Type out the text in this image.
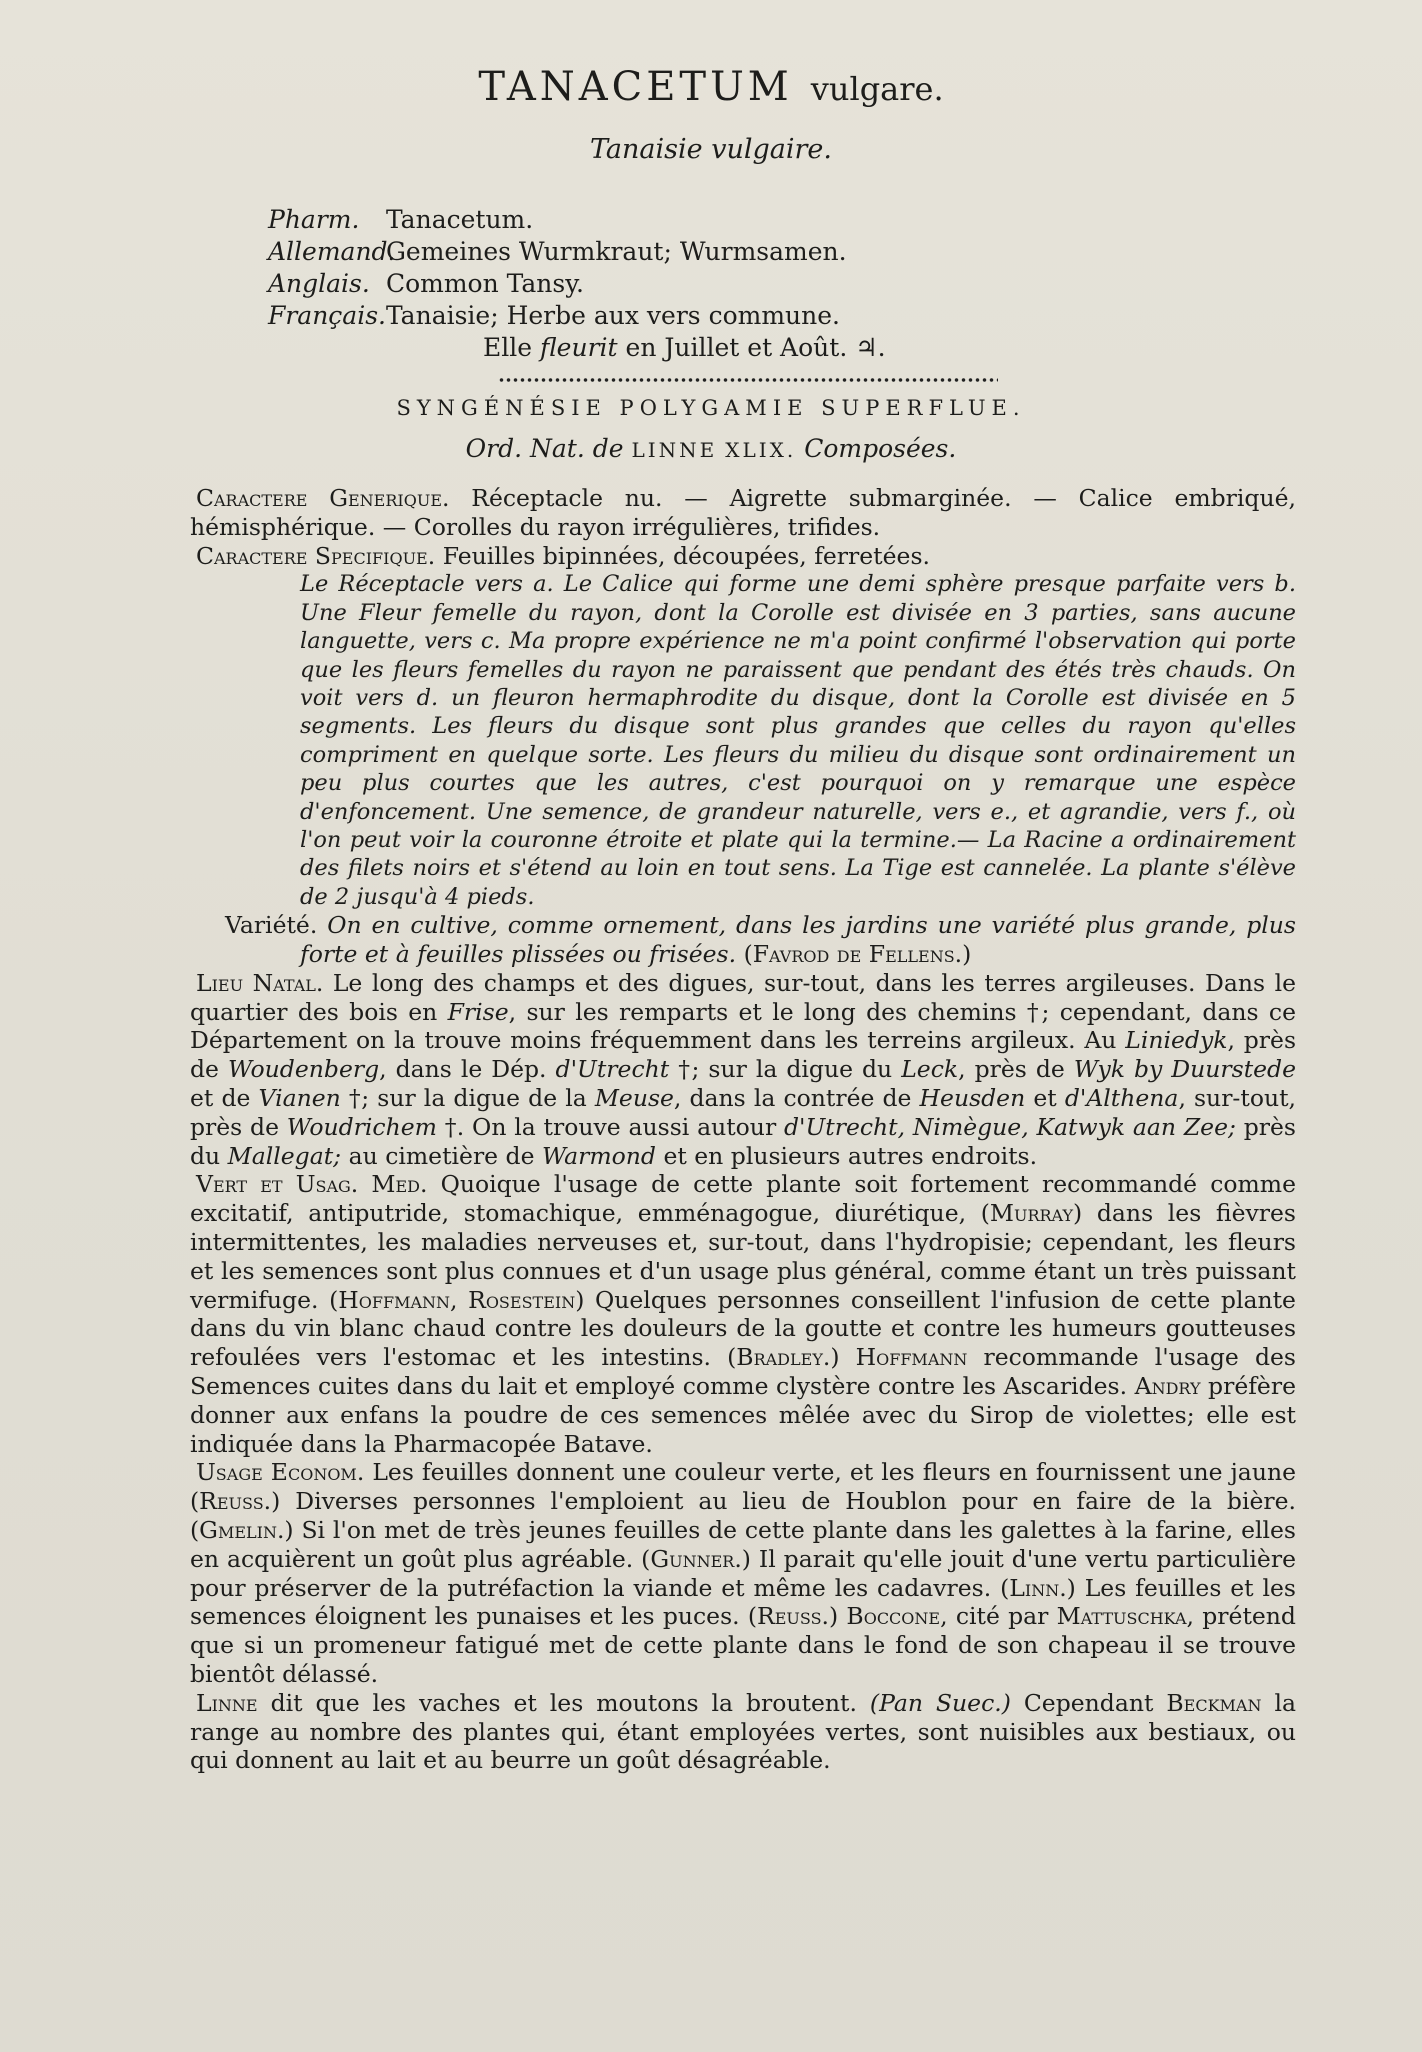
TANACETUM vulgare.
Tanaisie vulgaire.
Pharm. Tanacetum.
Allemand. Gemeines Wurmkraut; Wurmsamen.
Anglais. Common Tansy.
Français. Tanaisie; Herbe aux vers commune.
Elle fleurit en Juillet et Août. ♃.
SYNGÉNÉSIE POLYGAMIE SUPERFLUE.
Ord. Nat. de LINNE XLIX. Composées.

Caractere Generique. Réceptacle nu. — Aigrette submarginée. — Calice embriqué, hémisphérique. — Corolles du rayon irrégulières, trifides.

Caractere Specifique. Feuilles bipinnées, découpées, ferretées.

Le Réceptacle vers a. Le Calice qui forme une demi sphère presque parfaite vers b. Une Fleur femelle du rayon, dont la Corolle est divisée en 3 parties, sans aucune languette, vers c. Ma propre expérience ne m'a point confirmé l'observation qui porte que les fleurs femelles du rayon ne paraissent que pendant des étés très chauds. On voit vers d. un fleuron hermaphrodite du disque, dont la Corolle est divisée en 5 segments. Les fleurs du disque sont plus grandes que celles du rayon qu'elles compriment en quelque sorte. Les fleurs du milieu du disque sont ordinairement un peu plus courtes que les autres, c'est pourquoi on y remarque une espèce d'enfoncement. Une semence, de grandeur naturelle, vers e., et agrandie, vers f., où l'on peut voir la couronne étroite et plate qui la termine.— La Racine a ordinairement des filets noirs et s'étend au loin en tout sens. La Tige est cannelée. La plante s'élève de 2 jusqu'à 4 pieds.

Variété. On en cultive, comme ornement, dans les jardins une variété plus grande, plus forte et à feuilles plissées ou frisées. (Favrod de Fellens.)

Lieu Natal. Le long des champs et des digues, sur-tout, dans les terres argileuses. Dans le quartier des bois en Frise, sur les remparts et le long des chemins †; cependant, dans ce Département on la trouve moins fréquemment dans les terreins argileux. Au Liniedyk, près de Woudenberg, dans le Dép. d'Utrecht †; sur la digue du Leck, près de Wyk by Duurstede et de Vianen †; sur la digue de la Meuse, dans la contrée de Heusden et d'Althena, sur-tout, près de Woudrichem †. On la trouve aussi autour d'Utrecht, Nimègue, Katwyk aan Zee; près du Mallegat; au cimetière de Warmond et en plusieurs autres endroits.

Vert et Usag. Med. Quoique l'usage de cette plante soit fortement recommandé comme excitatif, antiputride, stomachique, emménagogue, diurétique, (Murray) dans les fièvres intermittentes, les maladies nerveuses et, sur-tout, dans l'hydropisie; cependant, les fleurs et les semences sont plus connues et d'un usage plus général, comme étant un très puissant vermifuge. (Hoffmann, Rosestein) Quelques personnes conseillent l'infusion de cette plante dans du vin blanc chaud contre les douleurs de la goutte et contre les humeurs goutteuses refoulées vers l'estomac et les intestins. (Bradley.) Hoffmann recommande l'usage des Semences cuites dans du lait et employé comme clystère contre les Ascarides. Andry préfère donner aux enfans la poudre de ces semences mêlée avec du Sirop de violettes; elle est indiquée dans la Pharmacopée Batave.

Usage Econom. Les feuilles donnent une couleur verte, et les fleurs en fournissent une jaune (Reuss.) Diverses personnes l'emploient au lieu de Houblon pour en faire de la bière. (Gmelin.) Si l'on met de très jeunes feuilles de cette plante dans les galettes à la farine, elles en acquièrent un goût plus agréable. (Gunner.) Il parait qu'elle jouit d'une vertu particulière pour préserver de la putréfaction la viande et même les cadavres. (Linn.) Les feuilles et les semences éloignent les punaises et les puces. (Reuss.) Boccone, cité par Mattuschka, prétend que si un promeneur fatigué met de cette plante dans le fond de son chapeau il se trouve bientôt délassé.

Linne dit que les vaches et les moutons la broutent. (Pan Suec.) Cependant Beckman la range au nombre des plantes qui, étant employées vertes, sont nuisibles aux bestiaux, ou qui donnent au lait et au beurre un goût désagréable.
